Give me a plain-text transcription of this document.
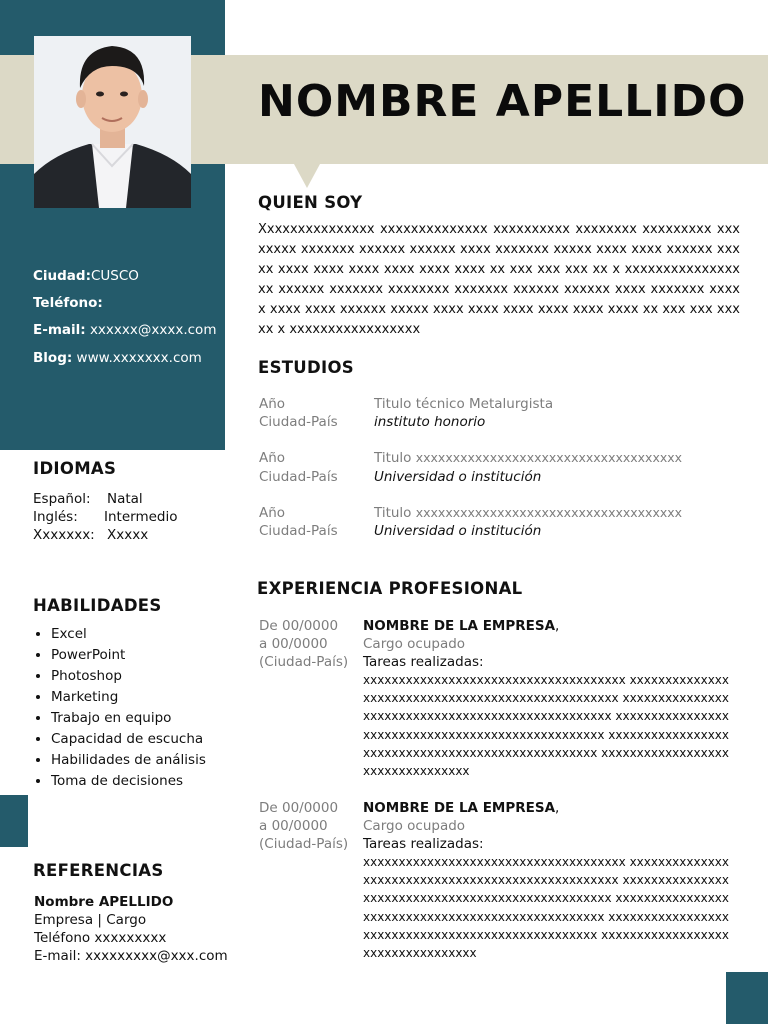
NOMBRE APELLIDO
Ciudad:CUSCO
Teléfono:
E-mail: xxxxxx@xxxx.com
Blog: www.xxxxxxx.com
IDIOMAS
Español: Natal
Inglés: Intermedio
Xxxxxxx: Xxxxx
HABILIDADES
• Excel
• PowerPoint
• Photoshop
• Marketing
• Trabajo en equipo
• Capacidad de escucha
• Habilidades de análisis
• Toma de decisiones
REFERENCIAS
Nombre APELLIDO
Empresa | Cargo
Teléfono xxxxxxxxx
E-mail: xxxxxxxxx@xxx.com
QUIEN SOY
Xxxxxxxxxxxxxxx xxxxxxxxxxxxxx xxxxxxxxxx xxxxxxxx xxxxxxxxx xxxxxxxx xxxxxxx xxxxxx xxxxxx xxxx xxxxxxx xxxxx xxxx xxxx xxxxxx xxxxx xxxx xxxx xxxx xxxx xxxx xxxx xx xxx xxx xxx xx x xxxxxxxxxxxxxxxxx xxxxxx xxxxxxx xxxxxxxx xxxxxxx xxxxxx xxxxxx xxxx xxxxxxx xxxxx xxxx xxxx xxxxxx xxxxx xxxx xxxx xxxx xxxx xxxx xxxx xx xxx xxx xxx xx x xxxxxxxxxxxxxxxxx
ESTUDIOS
Año
Ciudad-País
Titulo técnico Metalurgista
instituto honorio
Año
Ciudad-País
Titulo xxxxxxxxxxxxxxxxxxxxxxxxxxxxxxxxxxxx
Universidad o institución
Año
Ciudad-País
Titulo xxxxxxxxxxxxxxxxxxxxxxxxxxxxxxxxxxxx
Universidad o institución
EXPERIENCIA PROFESIONAL
De 00/0000
a 00/0000
(Ciudad-País)
NOMBRE DE LA EMPRESA,
Cargo ocupado
Tareas realizadas:
xxxxxxxxxxxxxxxxxxxxxxxxxxxxxxxxxxxxx xxxxxxxxxxxxxxxxxxxxxxxxxxxxxxxxxxxxxxxxxxxxxxxxxx xxxxxxxxxxxxxxxxxxxxxxxxxxxxxxxxxxxxxxxxxxxxxxxxxx xxxxxxxxxxxxxxxxxxxxxxxxxxxxxxxxxxxxxxxxxxxxxxxxxx xxxxxxxxxxxxxxxxxxxxxxxxxxxxxxxxxxxxxxxxxxxxxxxxxx xxxxxxxxxxxxxxxxxxxxxxxxxxxxxxxxx
De 00/0000
a 00/0000
(Ciudad-País)
NOMBRE DE LA EMPRESA,
Cargo ocupado
Tareas realizadas:
xxxxxxxxxxxxxxxxxxxxxxxxxxxxxxxxxxxxx xxxxxxxxxxxxxxxxxxxxxxxxxxxxxxxxxxxxxxxxxxxxxxxxxx xxxxxxxxxxxxxxxxxxxxxxxxxxxxxxxxxxxxxxxxxxxxxxxxxx xxxxxxxxxxxxxxxxxxxxxxxxxxxxxxxxxxxxxxxxxxxxxxxxxx xxxxxxxxxxxxxxxxxxxxxxxxxxxxxxxxxxxxxxxxxxxxxxxxxx xxxxxxxxxxxxxxxxxxxxxxxxxxxxxxxxxx
